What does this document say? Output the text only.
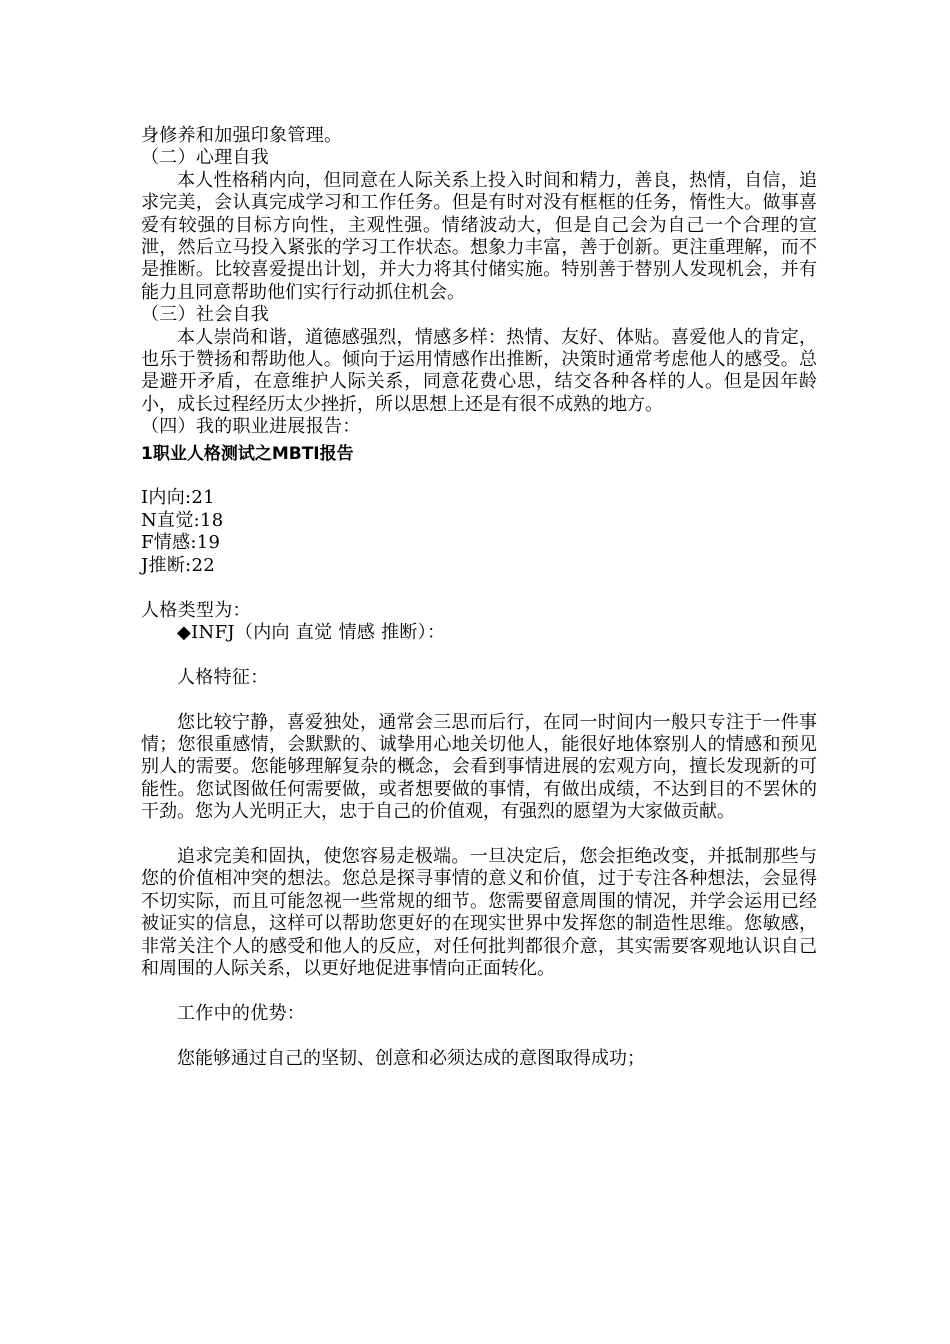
身修养和加强印象管理。
（二）心理自我
本人性格稍内向，但同意在人际关系上投入时间和精力，善良，热情，自信，追求完美，会认真完成学习和工作任务。但是有时对没有框框的任务，惰性大。做事喜爱有较强的目标方向性，主观性强。情绪波动大，但是自己会为自己一个合理的宣泄，然后立马投入紧张的学习工作状态。想象力丰富，善于创新。更注重理解，而不是推断。比较喜爱提出计划，并大力将其付储实施。特别善于替别人发现机会，并有能力且同意帮助他们实行行动抓住机会。
（三）社会自我
本人崇尚和谐，道德感强烈，情感多样：热情、友好、体贴。喜爱他人的肯定，也乐于赞扬和帮助他人。倾向于运用情感作出推断，决策时通常考虑他人的感受。总是避开矛盾，在意维护人际关系，同意花费心思，结交各种各样的人。但是因年龄小，成长过程经历太少挫折，所以思想上还是有很不成熟的地方。
（四）我的职业进展报告：
1职业人格测试之MBTI报告
I内向:21
N直觉:18
F情感:19
J推断:22
人格类型为：
◆INFJ（内向 直觉 情感 推断）：
人格特征：
您比较宁静，喜爱独处，通常会三思而后行，在同一时间内一般只专注于一件事情；您很重感情，会默默的、诚挚用心地关切他人，能很好地体察别人的情感和预见别人的需要。您能够理解复杂的概念，会看到事情进展的宏观方向，擅长发现新的可能性。您试图做任何需要做，或者想要做的事情，有做出成绩，不达到目的不罢休的干劲。您为人光明正大，忠于自己的价值观，有强烈的愿望为大家做贡献。
追求完美和固执，使您容易走极端。一旦决定后，您会拒绝改变，并抵制那些与您的价值相冲突的想法。您总是探寻事情的意义和价值，过于专注各种想法，会显得不切实际，而且可能忽视一些常规的细节。您需要留意周围的情况，并学会运用已经被证实的信息，这样可以帮助您更好的在现实世界中发挥您的制造性思维。您敏感，非常关注个人的感受和他人的反应，对任何批判都很介意，其实需要客观地认识自己和周围的人际关系，以更好地促进事情向正面转化。
工作中的优势：
您能够通过自己的坚韧、创意和必须达成的意图取得成功；
